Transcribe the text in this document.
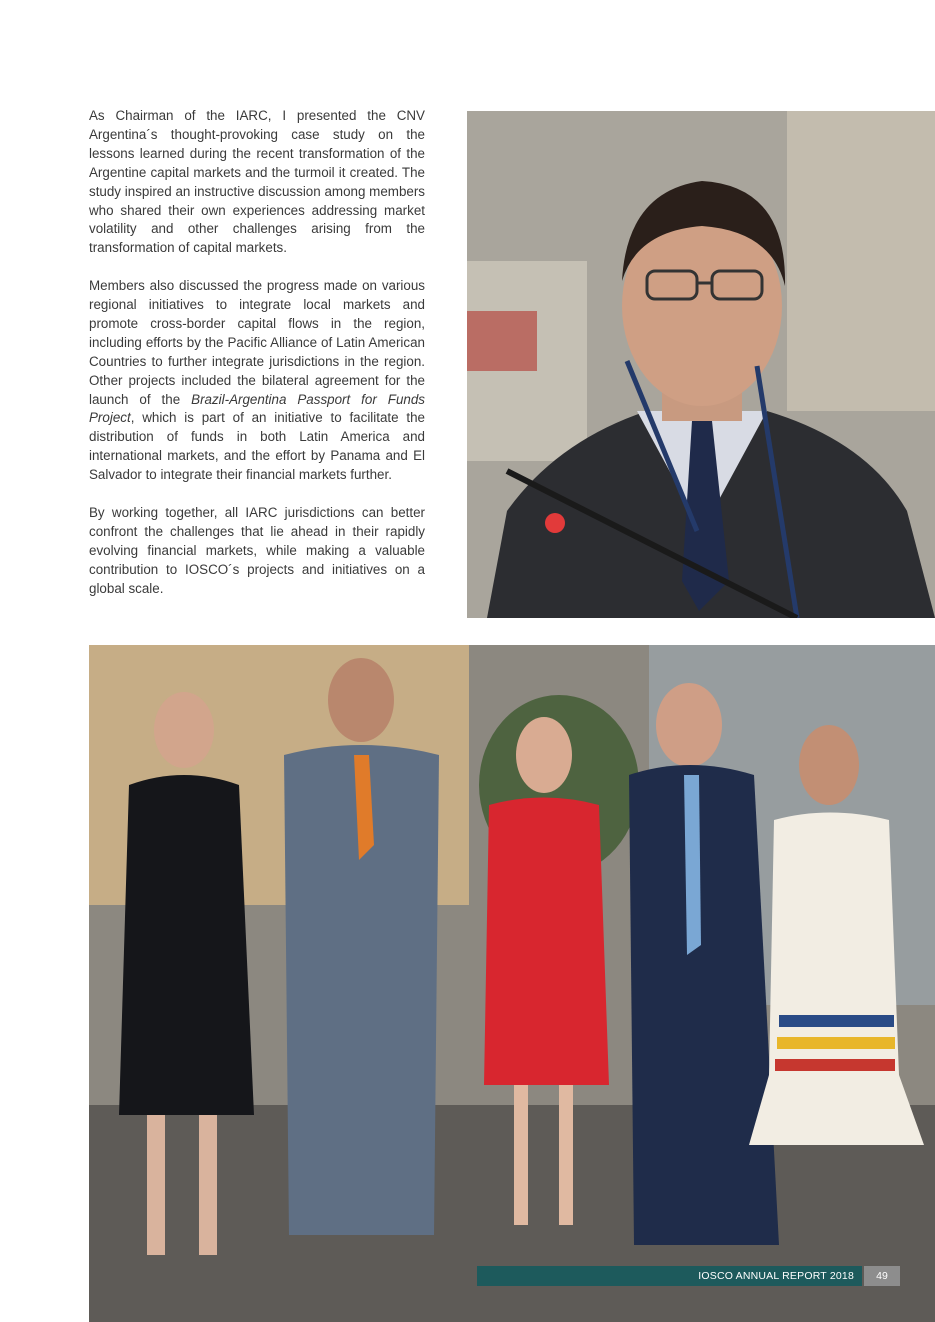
As Chairman of the IARC, I presented the CNV Argentina´s thought-provoking case study on the lessons learned during the recent transformation of the Argentine capital markets and the turmoil it created. The study inspired an instructive discussion among members who shared their own experiences addressing market volatility and other challenges arising from the transformation of capital markets.

Members also discussed the progress made on various regional initiatives to integrate local markets and promote cross-border capital flows in the region, including efforts by the Pacific Alliance of Latin American Countries to further integrate jurisdictions in the region. Other projects included the bilateral agreement for the launch of the Brazil-Argentina Passport for Funds Project, which is part of an initiative to facilitate the distribution of funds in both Latin America and international markets, and the effort by Panama and El Salvador to integrate their financial markets further.

By working together, all IARC jurisdictions can better confront the challenges that lie ahead in their rapidly evolving financial markets, while making a valuable contribution to IOSCO´s projects and initiatives on a global scale.

IOSCO ANNUAL REPORT 2018	49
